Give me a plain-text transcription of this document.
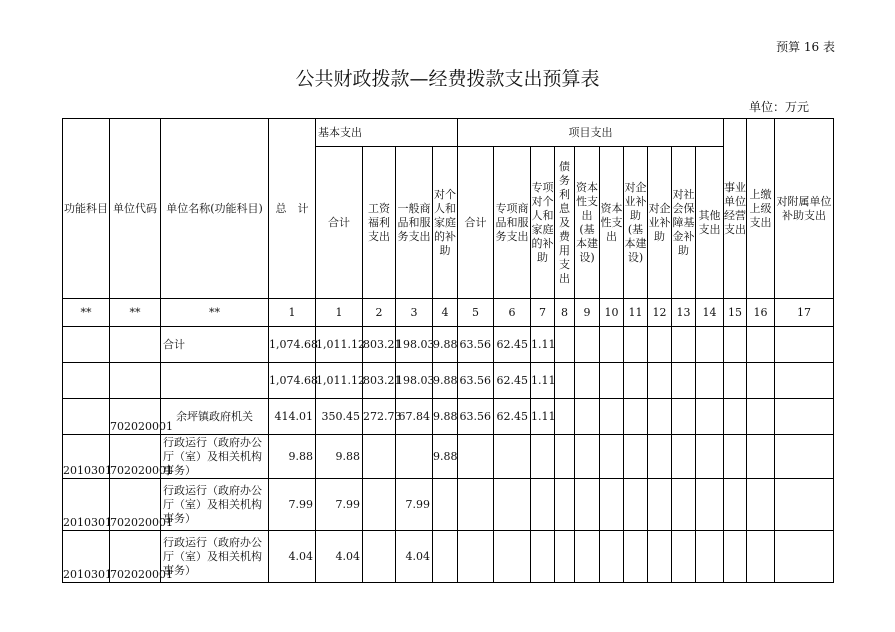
预算 16 表
公共财政拨款—经费拨款支出预算表
单位：万元
功能科目	单位代码	单位名称(功能科目)	总　计	基本支出				项目支出										事业单位经营支出	上缴上级支出	对附属单位补助支出
				合计	工资福利支出	一般商品和服务支出	对个人和家庭的补助	合计	专项商品和服务支出	专项对个人和家庭的补助	债务利息及费用支出	资本性支出(基本建设)	资本性支出	对企业补助(基本建设)	对企业补助	对社会保障基金补助	其他支出			
**	**	**	1	1	2	3	4	5	6	7	8	9	10	11	12	13	14	15	16	17
		合计	1,074.68	1,011.12	803.21	198.03	9.88	63.56	62.45	1.11										
			1,074.68	1,011.12	803.21	198.03	9.88	63.56	62.45	1.11										
	702020001	余坪镇政府机关	414.01	350.45	272.73	67.84	9.88	63.56	62.45	1.11										
2010301	702020001	行政运行（政府办公厅（室）及相关机构事务）	9.88	9.88			9.88													
2010301	702020001	行政运行（政府办公厅（室）及相关机构事务）	7.99	7.99		7.99														
2010301	702020001	行政运行（政府办公厅（室）及相关机构事务）	4.04	4.04		4.04														
